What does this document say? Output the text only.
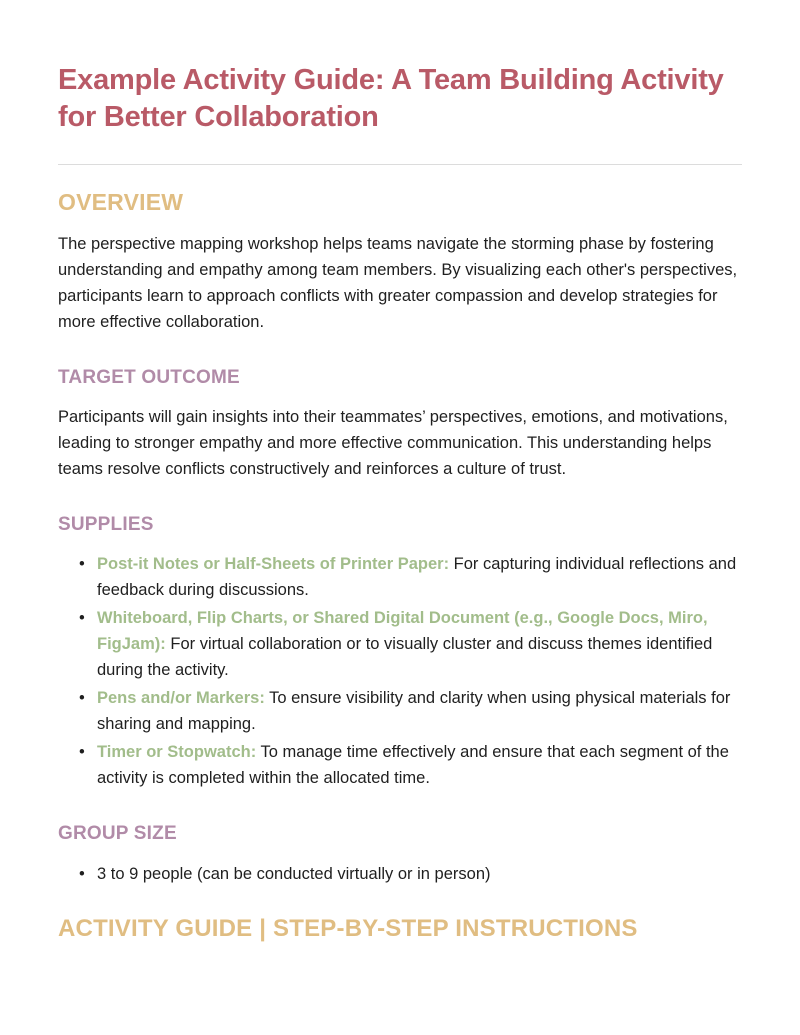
Example Activity Guide: A Team Building Activity for Better Collaboration
OVERVIEW

The perspective mapping workshop helps teams navigate the storming phase by fostering understanding and empathy among team members. By visualizing each other's perspectives, participants learn to approach conflicts with greater compassion and develop strategies for more effective collaboration.

TARGET OUTCOME

Participants will gain insights into their teammates’ perspectives, emotions, and motivations, leading to stronger empathy and more effective communication. This understanding helps teams resolve conflicts constructively and reinforces a culture of trust.

SUPPLIES
• Post-it Notes or Half-Sheets of Printer Paper: For capturing individual reflections and feedback during discussions.
• Whiteboard, Flip Charts, or Shared Digital Document (e.g., Google Docs, Miro, FigJam): For virtual collaboration or to visually cluster and discuss themes identified during the activity.
• Pens and/or Markers: To ensure visibility and clarity when using physical materials for sharing and mapping.
• Timer or Stopwatch: To manage time effectively and ensure that each segment of the activity is completed within the allocated time.
GROUP SIZE
• 3 to 9 people (can be conducted virtually or in person)
ACTIVITY GUIDE | STEP-BY-STEP INSTRUCTIONS
